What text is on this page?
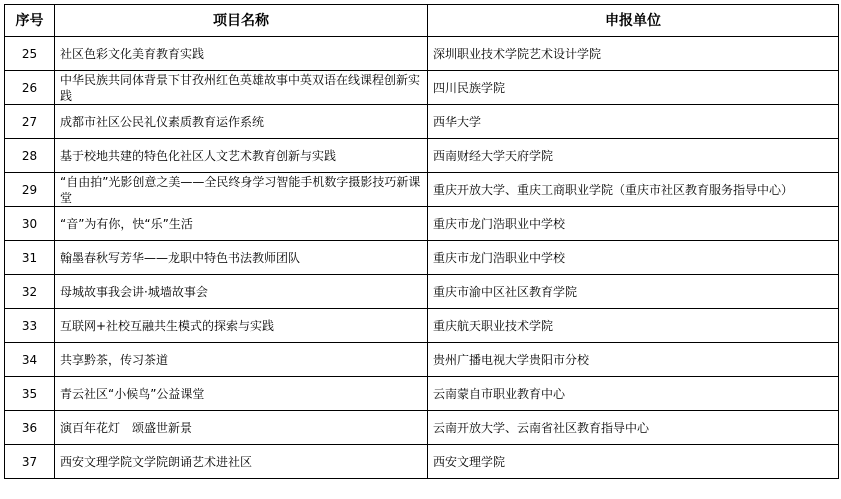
序号	项目名称	申报单位
25	社区色彩文化美育教育实践	深圳职业技术学院艺术设计学院
26	中华民族共同体背景下甘孜州红色英雄故事中英双语在线课程创新实践	四川民族学院
27	成都市社区公民礼仪素质教育运作系统	西华大学
28	基于校地共建的特色化社区人文艺术教育创新与实践	西南财经大学天府学院
29	“自由拍”光影创意之美——全民终身学习智能手机数字摄影技巧新课堂	重庆开放大学、重庆工商职业学院（重庆市社区教育服务指导中心）
30	“音”为有你，快“乐”生活	重庆市龙门浩职业中学校
31	翰墨春秋写芳华——龙职中特色书法教师团队	重庆市龙门浩职业中学校
32	母城故事我会讲·城墙故事会	重庆市渝中区社区教育学院
33	互联网+社校互融共生模式的探索与实践	重庆航天职业技术学院
34	共享黔茶，传习茶道	贵州广播电视大学贵阳市分校
35	青云社区“小候鸟”公益课堂	云南蒙自市职业教育中心
36	演百年花灯　颂盛世新景	云南开放大学、云南省社区教育指导中心
37	西安文理学院文学院朗诵艺术进社区	西安文理学院
